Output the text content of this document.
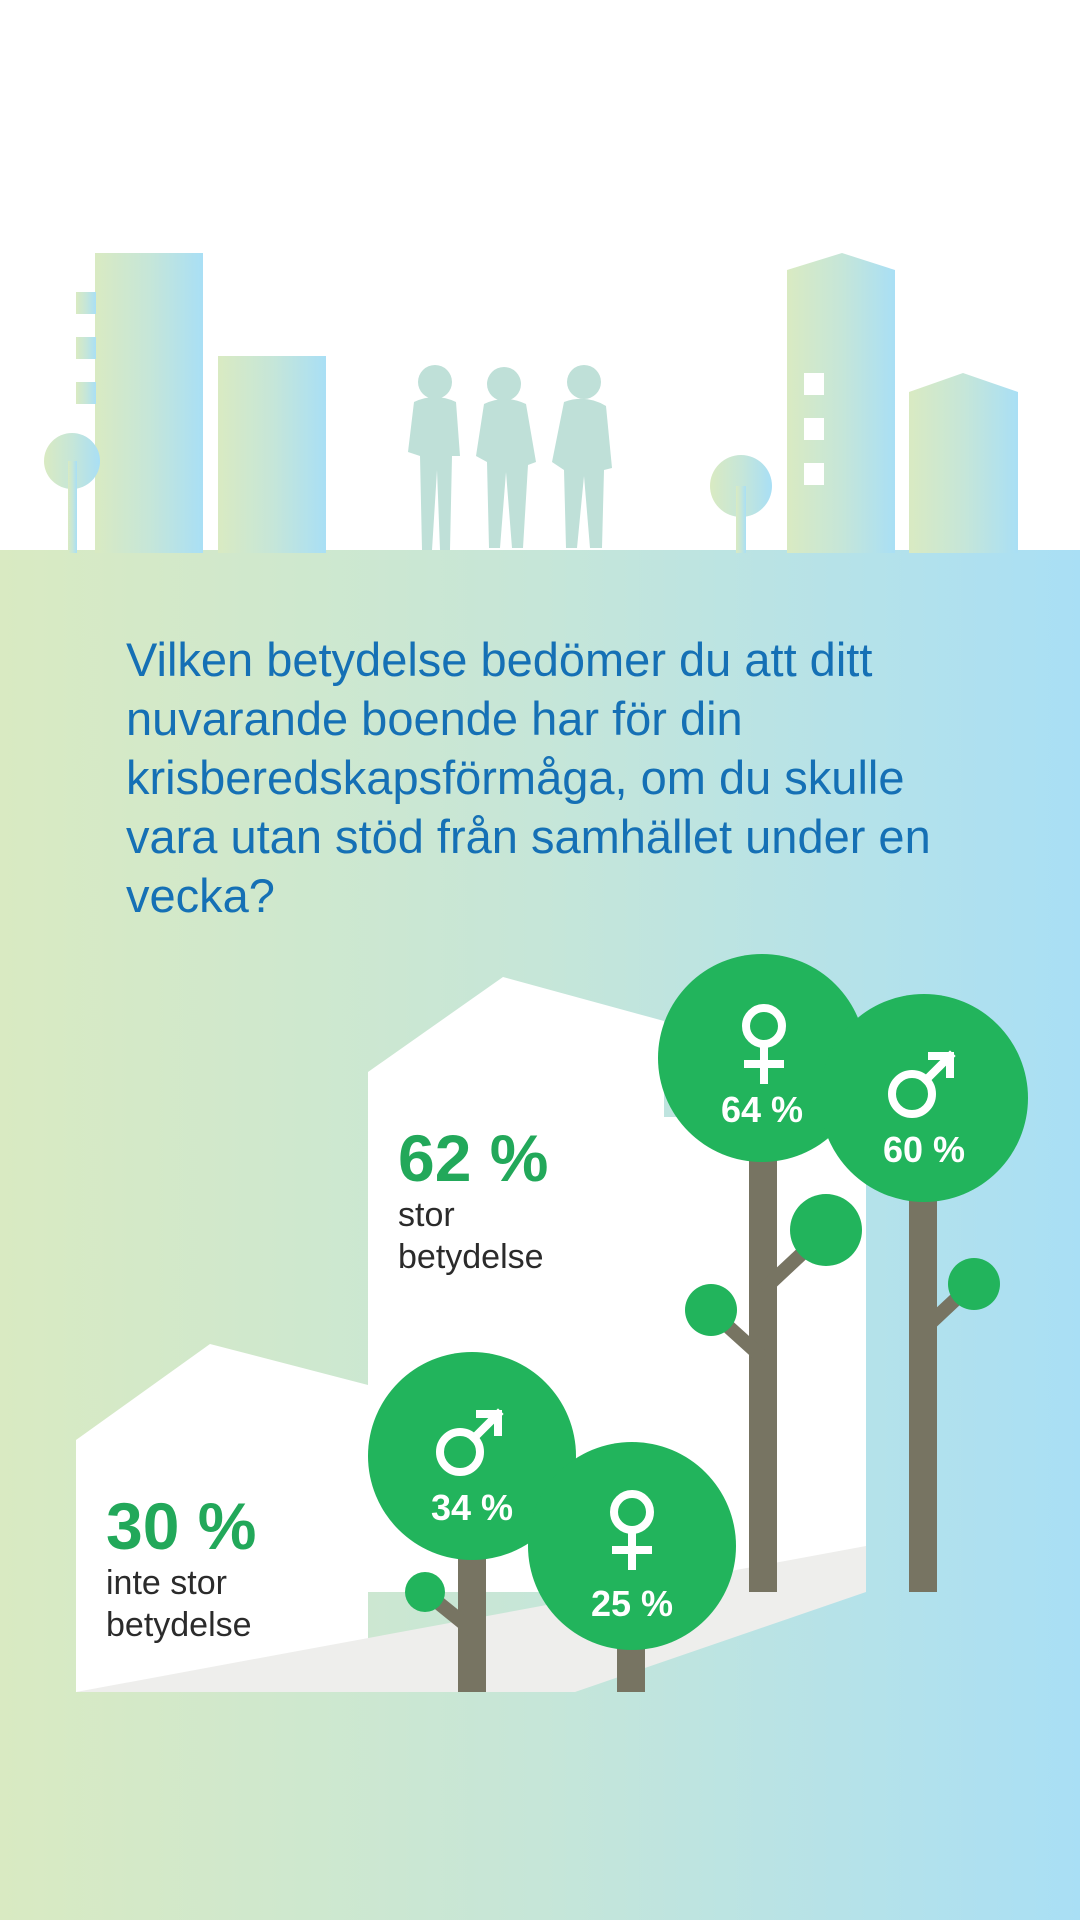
Vilken betydelse bedömer du att ditt nuvarande boende har för din krisberedskapsförmåga, om du skulle vara utan stöd från samhället under en vecka?
62 %
stor betydelse
30 %
inte stor betydelse
64 %
60 %
34 %
25 %
